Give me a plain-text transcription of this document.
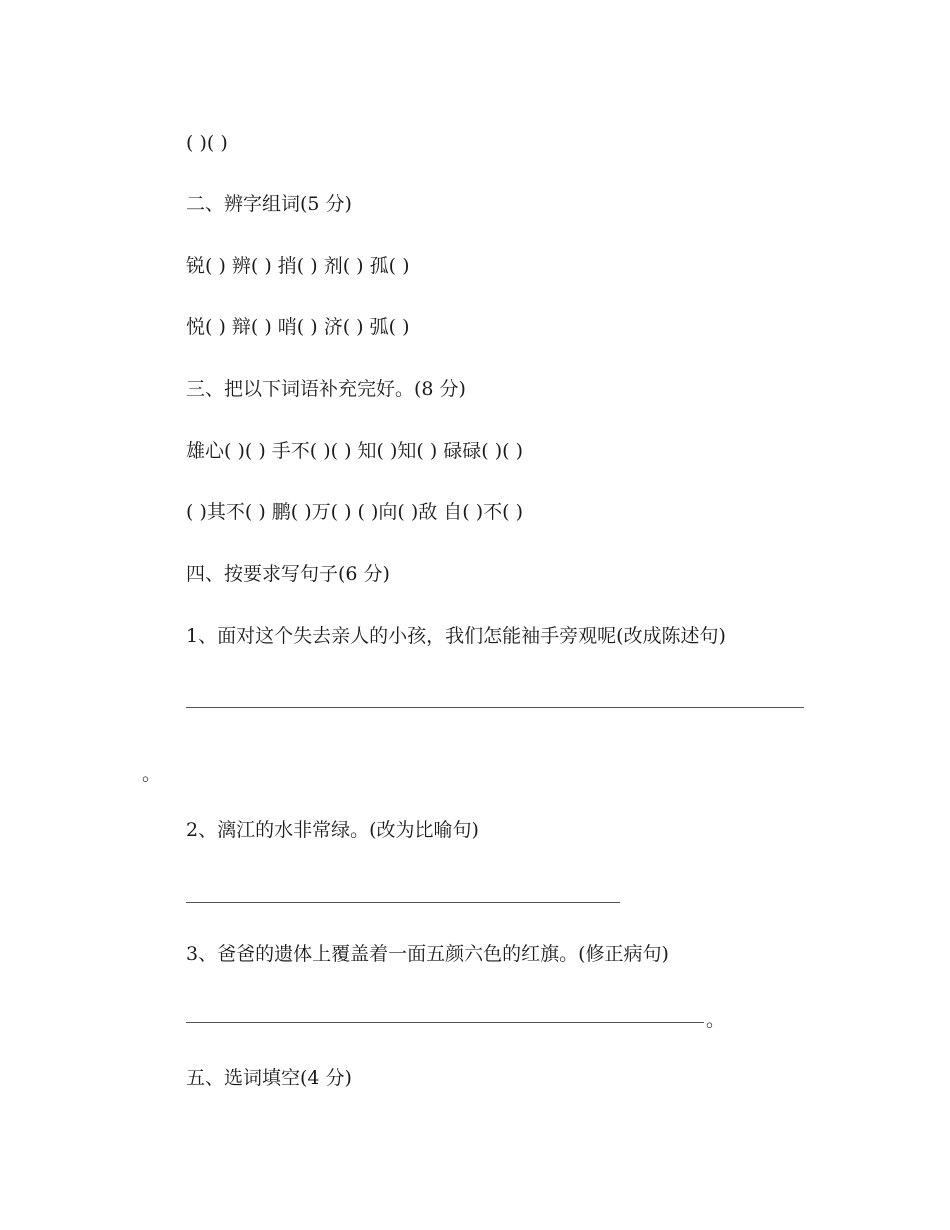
( )( )
二、辨字组词(5 分)
锐( ) 辨( ) 捎( ) 剂( ) 孤( )
悦( ) 辩( ) 哨( ) 济( ) 弧( )
三、把以下词语补充完好。(8 分)
雄心( )( ) 手不( )( ) 知( )知( ) 碌碌( )( )
( )其不( ) 鹏( )万( ) ( )向( )敌 自( )不( )
四、按要求写句子(6 分)
1、面对这个失去亲人的小孩，我们怎能袖手旁观呢(改成陈述句)
。
2、漓江的水非常绿。(改为比喻句)
3、爸爸的遗体上覆盖着一面五颜六色的红旗。(修正病句)
。
五、选词填空(4 分)
